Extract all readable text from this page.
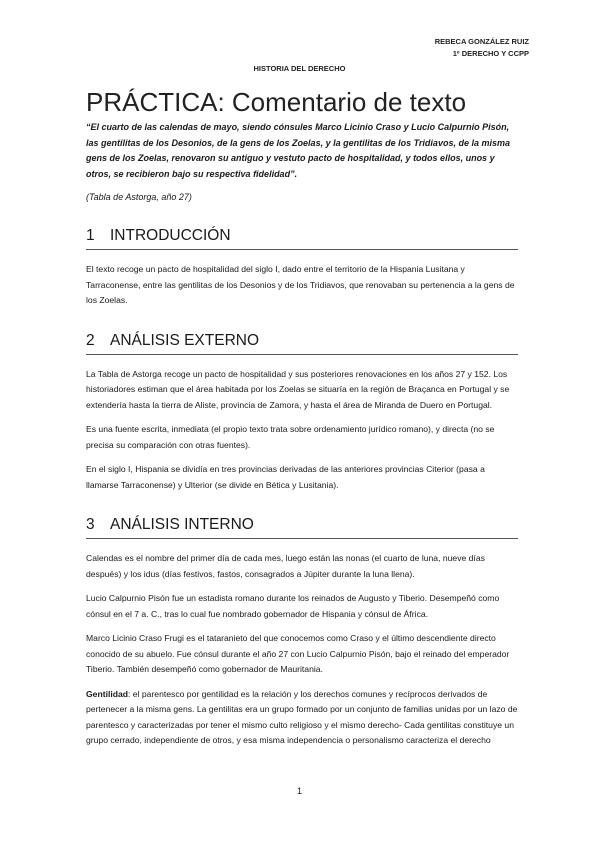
REBECA GONZÁLEZ RUIZ
1º DERECHO Y CCPP
HISTORIA DEL DERECHO
PRÁCTICA: Comentario de texto

“El cuarto de las calendas de mayo, siendo cónsules Marco Licinio Craso y Lucio Calpurnio Pisón, las gentilitas de los Desonios, de la gens de los Zoelas, y la gentilitas de los Tridiavos, de la misma gens de los Zoelas, renovaron su antiguo y vestuto pacto de hospitalidad, y todos ellos, unos y otros, se recibieron bajo su respectiva fidelidad”.

(Tabla de Astorga, año 27)

1 INTRODUCCIÓN

El texto recoge un pacto de hospitalidad del siglo I, dado entre el territorio de la Hispania Lusitana y Tarraconense, entre las gentilitas de los Desonios y de los Tridiavos, que renovaban su pertenencia a la gens de los Zoelas.

2 ANÁLISIS EXTERNO

La Tabla de Astorga recoge un pacto de hospitalidad y sus posteriores renovaciones en los años 27 y 152. Los historiadores estiman que el área habitada por los Zoelas se situaría en la región de Braçanca en Portugal y se extendería hasta la tierra de Aliste, provincia de Zamora, y hasta el área de Miranda de Duero en Portugal.

Es una fuente escrita, inmediata (el propio texto trata sobre ordenamiento jurídico romano), y directa (no se precisa su comparación con otras fuentes).

En el siglo I, Hispania se dividía en tres provincias derivadas de las anteriores provincias Citerior (pasa a llamarse Tarraconense) y Ulterior (se divide en Bética y Lusitania).

3 ANÁLISIS INTERNO

Calendas es el nombre del primer día de cada mes, luego están las nonas (el cuarto de luna, nueve días después) y los idus (días festivos, fastos, consagrados a Júpiter durante la luna llena).

Lucio Calpurnio Pisón fue un estadista romano durante los reinados de Augusto y Tiberio. Desempeñó como cónsul en el 7 a. C., tras lo cual fue nombrado gobernador de Hispania y cónsul de África.

Marco Licinio Craso Frugi es el tataranieto del que conocemos como Craso y el último descendiente directo conocido de su abuelo. Fue cónsul durante el año 27 con Lucio Calpurnio Pisón, bajo el reinado del emperador Tiberio. También desempeñó como gobernador de Mauritania.

Gentilidad: el parentesco por gentilidad es la relación y los derechos comunes y recíprocos derivados de pertenecer a la misma gens. La gentilitas era un grupo formado por un conjunto de familias unidas por un lazo de parentesco y caracterizadas por tener el mismo culto religioso y el mismo derecho- Cada gentilitas constituye un grupo cerrado, independiente de otros, y esa misma independencia o personalismo caracteriza el derecho

1
